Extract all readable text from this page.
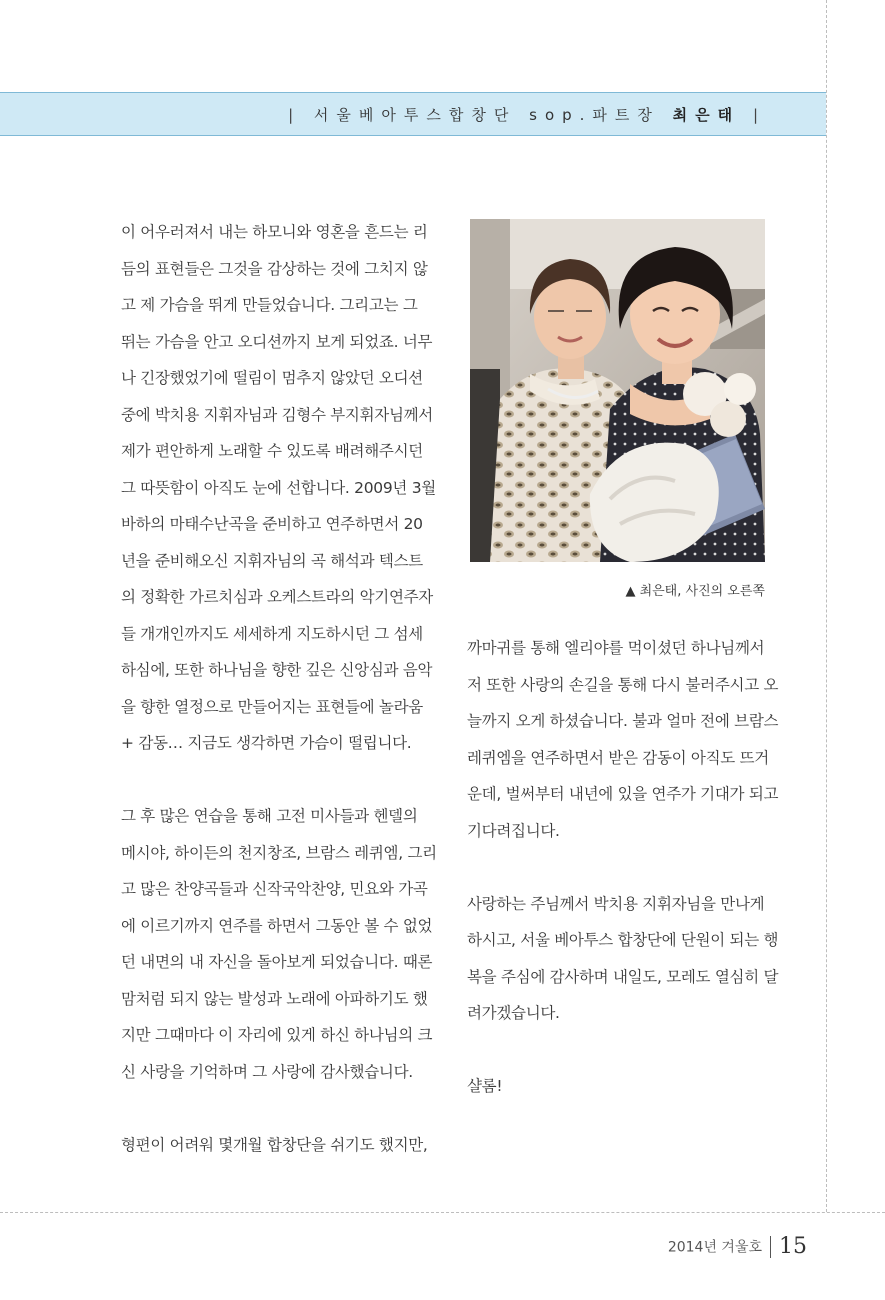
| 서울베아투스합창단 sop.파트장 최은태 |

이 어우러져서 내는 하모니와 영혼을 흔드는 리

듬의 표현들은 그것을 감상하는 것에 그치지 않

고 제 가슴을 뛰게 만들었습니다. 그리고는 그

뛰는 가슴을 안고 오디션까지 보게 되었죠. 너무

나 긴장했었기에 떨림이 멈추지 않았던 오디션

중에 박치용 지휘자님과 김형수 부지휘자님께서

제가 편안하게 노래할 수 있도록 배려해주시던

그 따뜻함이 아직도 눈에 선합니다. 2009년 3월

바하의 마태수난곡을 준비하고 연주하면서 20

년을 준비해오신 지휘자님의 곡 해석과 텍스트

의 정확한 가르치심과 오케스트라의 악기연주자

들 개개인까지도 세세하게 지도하시던 그 섬세

하심에, 또한 하나님을 향한 깊은 신앙심과 음악

을 향한 열정으로 만들어지는 표현들에 놀라움

+ 감동… 지금도 생각하면 가슴이 떨립니다.

그 후 많은 연습을 통해 고전 미사들과 헨델의

메시야, 하이든의 천지창조, 브람스 레퀴엠, 그리

고 많은 찬양곡들과 신작국악찬양, 민요와 가곡

에 이르기까지 연주를 하면서 그동안 볼 수 없었

던 내면의 내 자신을 돌아보게 되었습니다. 때론

맘처럼 되지 않는 발성과 노래에 아파하기도 했

지만 그때마다 이 자리에 있게 하신 하나님의 크

신 사랑을 기억하며 그 사랑에 감사했습니다.

형편이 어려워 몇개월 합창단을 쉬기도 했지만,

▲ 최은태, 사진의 오른쪽

까마귀를 통해 엘리야를 먹이셨던 하나님께서

저 또한 사랑의 손길을 통해 다시 불러주시고 오

늘까지 오게 하셨습니다. 불과 얼마 전에 브람스

레퀴엠을 연주하면서 받은 감동이 아직도 뜨거

운데, 벌써부터 내년에 있을 연주가 기대가 되고

기다려집니다.

사랑하는 주님께서 박치용 지휘자님을 만나게

하시고, 서울 베아투스 합창단에 단원이 되는 행

복을 주심에 감사하며 내일도, 모레도 열심히 달

려가겠습니다.

샬롬!

2014년 겨울호 15
